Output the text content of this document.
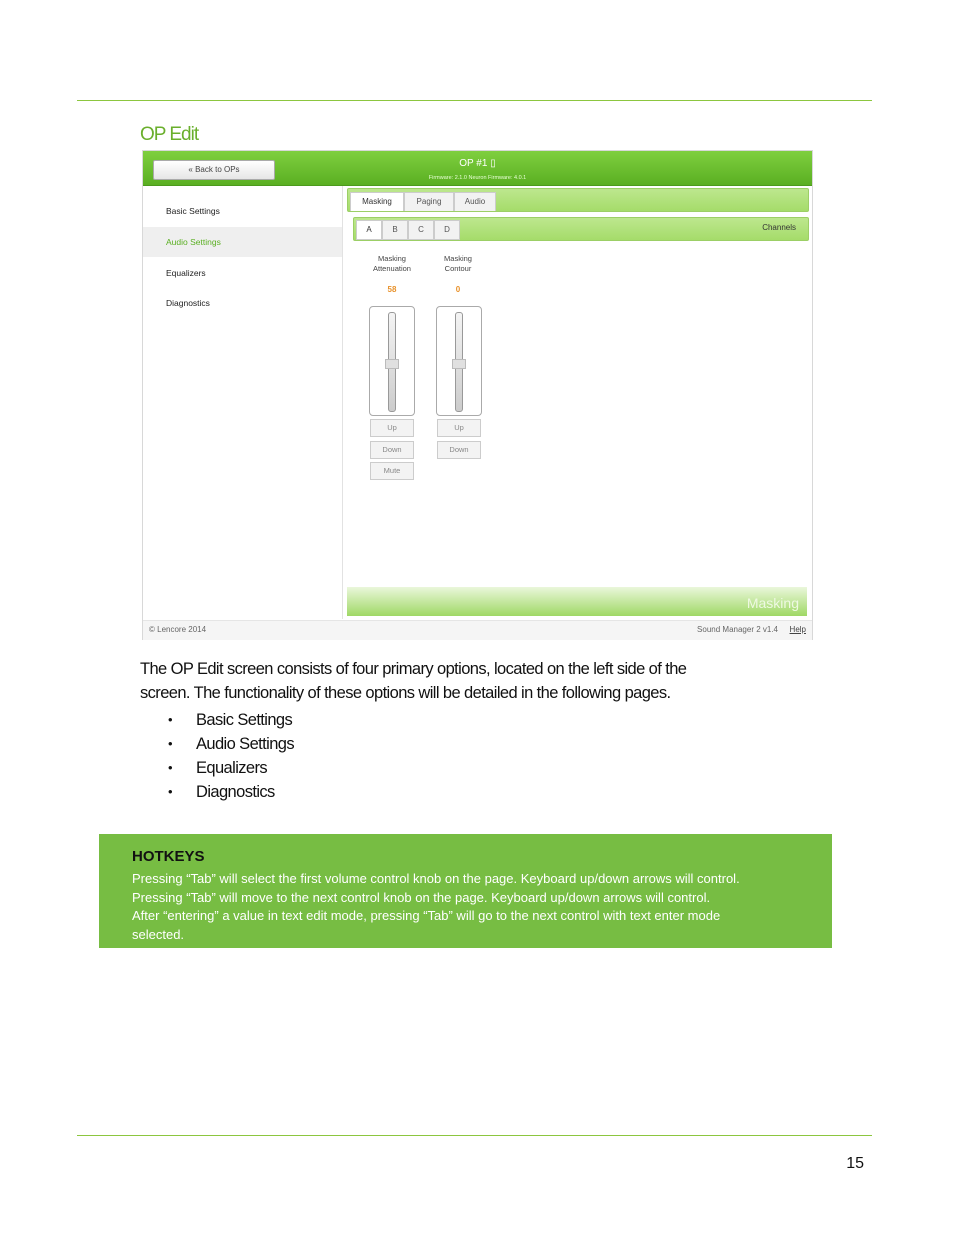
OP Edit
« Back to OPs
OP #1 ▯
Firmware: 2.1.0 Neuron Firmware: 4.0.1
Basic Settings
Audio Settings
Equalizers
Diagnostics
Masking	Paging	Audio
A	B	C	D	Channels
Masking
Attenuation
58
Up
Down
Mute
Masking
Contour
0
Up
Down
Masking
© Lencore 2014	Sound Manager 2 v1.4 Help
The OP Edit screen consists of four primary options, located on the left side of the
screen. The functionality of these options will be detailed in the following pages.
• Basic Settings
• Audio Settings
• Equalizers
• Diagnostics
HOTKEYS
Pressing “Tab” will select the first volume control knob on the page. Keyboard up/down arrows will control.
Pressing “Tab” will move to the next control knob on the page. Keyboard up/down arrows will control.
After “entering” a value in text edit mode, pressing “Tab” will go to the next control with text enter mode
selected.
15
